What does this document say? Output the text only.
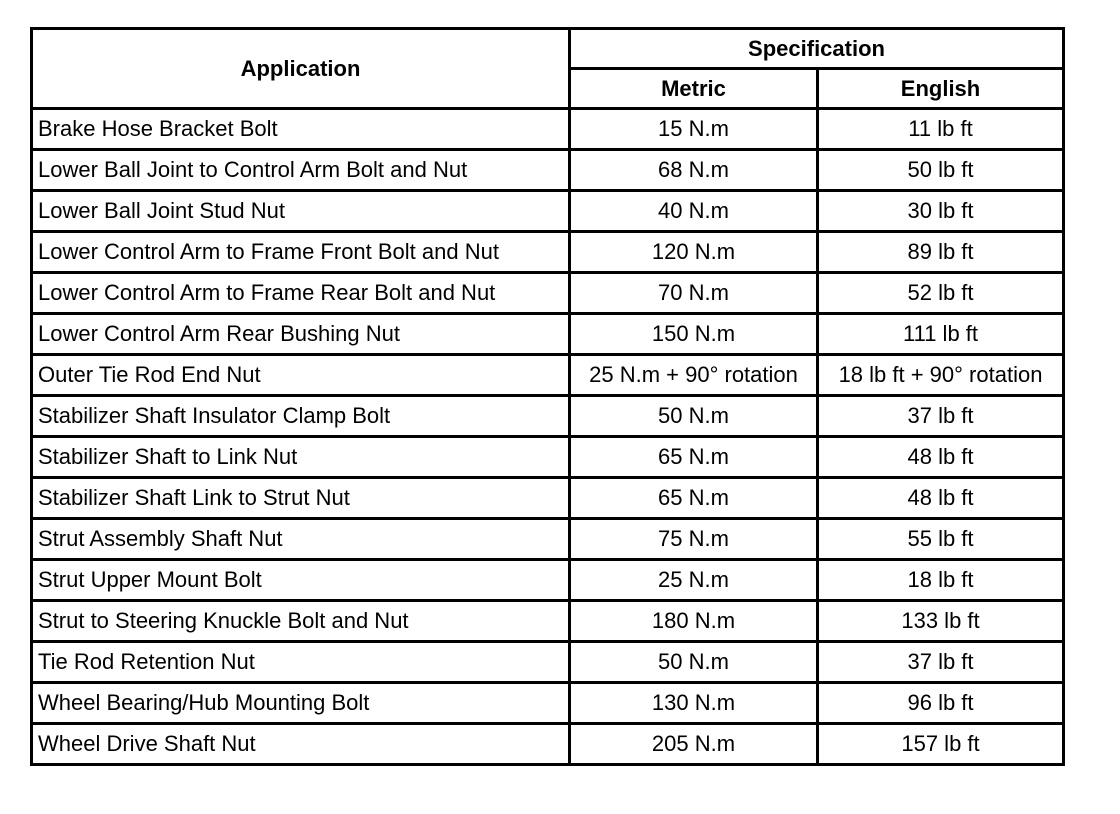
Application	Specification	
	Metric	English
Brake Hose Bracket Bolt	15 N.m	11 lb ft
Lower Ball Joint to Control Arm Bolt and Nut	68 N.m	50 lb ft
Lower Ball Joint Stud Nut	40 N.m	30 lb ft
Lower Control Arm to Frame Front Bolt and Nut	120 N.m	89 lb ft
Lower Control Arm to Frame Rear Bolt and Nut	70 N.m	52 lb ft
Lower Control Arm Rear Bushing Nut	150 N.m	111 lb ft
Outer Tie Rod End Nut	25 N.m + 90° rotation	18 lb ft + 90° rotation
Stabilizer Shaft Insulator Clamp Bolt	50 N.m	37 lb ft
Stabilizer Shaft to Link Nut	65 N.m	48 lb ft
Stabilizer Shaft Link to Strut Nut	65 N.m	48 lb ft
Strut Assembly Shaft Nut	75 N.m	55 lb ft
Strut Upper Mount Bolt	25 N.m	18 lb ft
Strut to Steering Knuckle Bolt and Nut	180 N.m	133 lb ft
Tie Rod Retention Nut	50 N.m	37 lb ft
Wheel Bearing/Hub Mounting Bolt	130 N.m	96 lb ft
Wheel Drive Shaft Nut	205 N.m	157 lb ft
